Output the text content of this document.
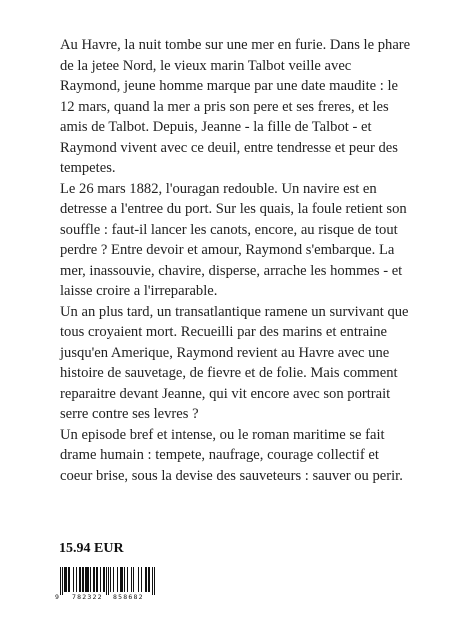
Au Havre, la nuit tombe sur une mer en furie. Dans le phare de la jetee Nord, le vieux marin Talbot veille avec Raymond, jeune homme marque par une date maudite : le 12 mars, quand la mer a pris son pere et ses freres, et les amis de Talbot. Depuis, Jeanne - la fille de Talbot - et Raymond vivent avec ce deuil, entre tendresse et peur des tempetes.

Le 26 mars 1882, l'ouragan redouble. Un navire est en detresse a l'entree du port. Sur les quais, la foule retient son souffle : faut-il lancer les canots, encore, au risque de tout perdre ? Entre devoir et amour, Raymond s'embarque. La mer, inassouvie, chavire, disperse, arrache les hommes - et laisse croire a l'irreparable.

Un an plus tard, un transatlantique ramene un survivant que tous croyaient mort. Recueilli par des marins et entraine jusqu'en Amerique, Raymond revient au Havre avec une histoire de sauvetage, de fievre et de folie. Mais comment reparaitre devant Jeanne, qui vit encore avec son portrait serre contre ses levres ?

Un episode bref et intense, ou le roman maritime se fait drame humain : tempete, naufrage, courage collectif et coeur brise, sous la devise des sauveteurs : sauver ou perir.

15.94 EUR
9 782322 858682
